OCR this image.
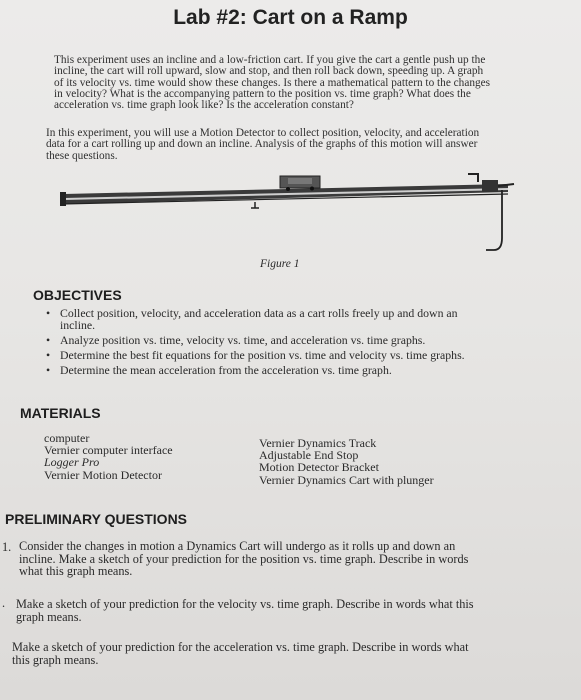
Lab #2: Cart on a Ramp
This experiment uses an incline and a low-friction cart. If you give the cart a gentle push up the
incline, the cart will roll upward, slow and stop, and then roll back down, speeding up. A graph
of its velocity vs. time would show these changes. Is there a mathematical pattern to the changes
in velocity? What is the accompanying pattern to the position vs. time graph? What does the
acceleration vs. time graph look like? Is the acceleration constant?
In this experiment, you will use a Motion Detector to collect position, velocity, and acceleration
data for a cart rolling up and down an incline. Analysis of the graphs of this motion will answer
these questions.
Figure 1
OBJECTIVES
• Collect position, velocity, and acceleration data as a cart rolls freely up and down an
incline.
• Analyze position vs. time, velocity vs. time, and acceleration vs. time graphs.
• Determine the best fit equations for the position vs. time and velocity vs. time graphs.
• Determine the mean acceleration from the acceleration vs. time graph.
MATERIALS
computer
Vernier computer interface
Logger Pro
Vernier Motion Detector
Vernier Dynamics Track
Adjustable End Stop
Motion Detector Bracket
Vernier Dynamics Cart with plunger
PRELIMINARY QUESTIONS
1. Consider the changes in motion a Dynamics Cart will undergo as it rolls up and down an
incline. Make a sketch of your prediction for the position vs. time graph. Describe in words
what this graph means.
. Make a sketch of your prediction for the velocity vs. time graph. Describe in words what this
graph means.
Make a sketch of your prediction for the acceleration vs. time graph. Describe in words what
this graph means.
